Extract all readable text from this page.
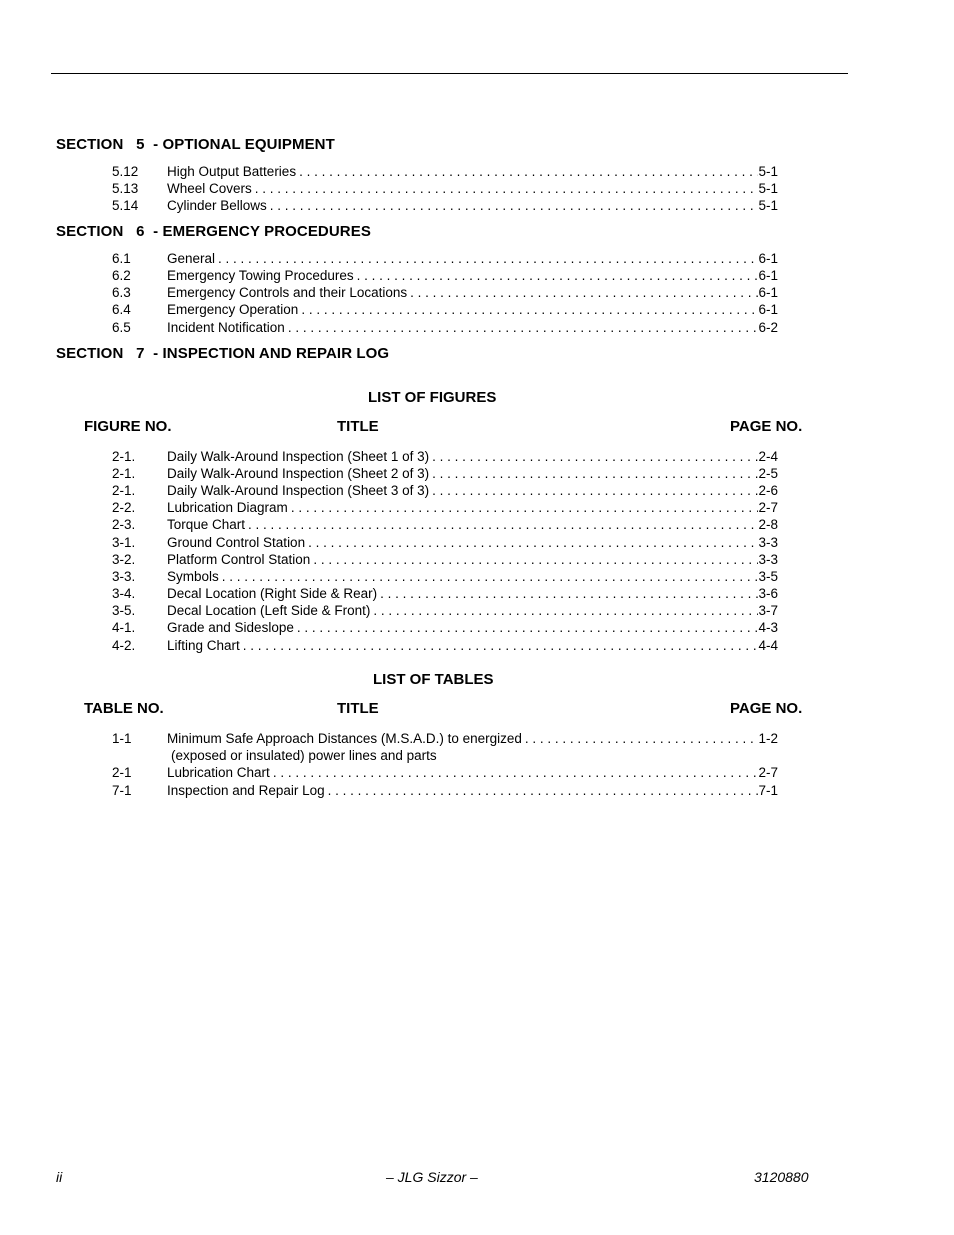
SECTION   5  - OPTIONAL EQUIPMENT
5.12 High Output Batteries . . .	5-1
5.13 Wheel Covers . . .	5-1
5.14 Cylinder Bellows . . .	5-1
SECTION   6  - EMERGENCY PROCEDURES
6.1	General . . .	6-1
6.2	Emergency Towing Procedures . . .	6-1
6.3	Emergency Controls and their Locations . . .	6-1
6.4	Emergency Operation . . .	6-1
6.5	Incident Notification . . .	6-2
SECTION   7  - INSPECTION AND REPAIR LOG
LIST OF FIGURES
FIGURE NO.	TITLE	PAGE NO.
2-1. Daily Walk-Around Inspection (Sheet 1 of 3) . . .	2-4
2-1. Daily Walk-Around Inspection (Sheet 2 of 3) . . .	2-5
2-1. Daily Walk-Around Inspection (Sheet 3 of 3) . . .	2-6
2-2. Lubrication Diagram . . .	2-7
2-3. Torque Chart . . .	2-8
3-1. Ground Control Station . . .	3-3
3-2. Platform Control Station . . .	3-3
3-3. Symbols . . .	3-5
3-4. Decal Location (Right Side & Rear) . . .	3-6
3-5. Decal Location (Left Side & Front) . . .	3-7
4-1. Grade and Sideslope . . .	4-3
4-2. Lifting Chart . . .	4-4
LIST OF TABLES
TABLE NO.	TITLE	PAGE NO.
1-1	Minimum Safe Approach Distances (M.S.A.D.) to energized . . .	1-2
(exposed or insulated) power lines and parts
2-1	Lubrication Chart . . .	2-7
7-1	Inspection and Repair Log . . .	7-1
ii	– JLG Sizzor –	3120880
